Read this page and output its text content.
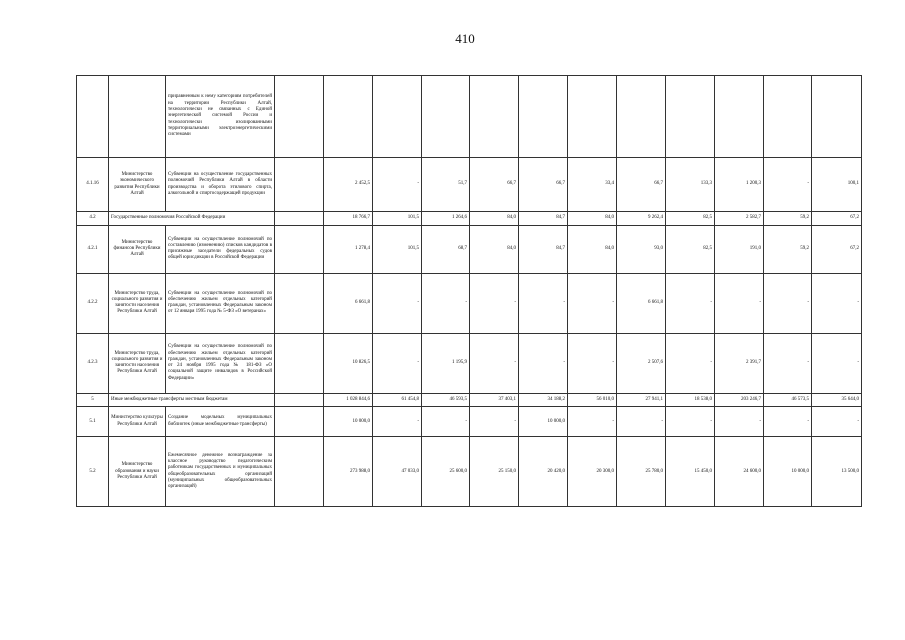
410
		приравненным к нему категориям потребителей на территории Республики Алтай, технологически не связанных с Единой энергетической системой России и технологически изолированными территориальными электроэнергетическими системами													
4.1.16	Министерство экономического развития Республики Алтай	Субвенции на осуществление государственных полномочий Республики Алтай в области производства и оборота этилового спирта, алкогольной и спиртосодержащей продукции		2 452,5	-	51,7	66,7	66,7	33,4	66,7	133,3	1 200,3	-	100,1	
4.2	Государственные полномочия Российской Федерации			18 766,7	101,5	1 264,6	84,0	84,7	84,0	9 262,4	82,5	2 582,7	59,2	67,2	
4.2.1	Министерство финансов Республики Алтай	Субвенции на осуществление полномочий по составлению (изменению) списков кандидатов в присяжные заседатели федеральных судов общей юрисдикции в Российской Федерации		1 278,4	101,5	68,7	84,0	84,7	84,0	93,0	82,5	191,0	59,2	67,2	
4.2.2	Министерство труда, социального развития и занятости населения Республики Алтай	Субвенции на осуществление полномочий по обеспечению жильем отдельных категорий граждан, установленных Федеральным законом от 12 января 1995 года № 5-ФЗ «О ветеранах»		6 661,8	-	-	-	-	-	6 661,8	-	-	-	-	
4.2.3	Министерство труда, социального развития и занятости населения Республики Алтай	Субвенции на осуществление полномочий по обеспечению жильем отдельных категорий граждан, установленных Федеральным законом от 24 ноября 1995 года № 181-ФЗ «О социальной защите инвалидов в Российской Федерации»		10 826,5	-	1 195,9	-	-	-	2 507,6	-	2 391,7	-	-	
5	Иные межбюджетные трансферты местным бюджетам			1 028 844,6	61 454,8	46 593,5	37 403,1	34 188,2	56 010,0	27 941,1	18 538,0	203 246,7	46 573,5	35 644,0	
5.1	Министерство культуры Республики Алтай	Создание модельных муниципальных библиотек (иные межбюджетные трансферты)		10 000,0	-	-	-	10 000,0	-	-	-	-	-	-	
5.2	Министерство образования и науки Республики Алтай	Ежемесячное денежное вознаграждение за классное руководство педагогическим работникам государственных и муниципальных общеобразовательных организаций (муниципальных общеобразовательных организаций)		273 988,0	47 033,0	25 600,0	25 150,0	20 420,0	20 300,0	25 780,0	15 450,0	24 600,0	10 000,0	13 500,0	
